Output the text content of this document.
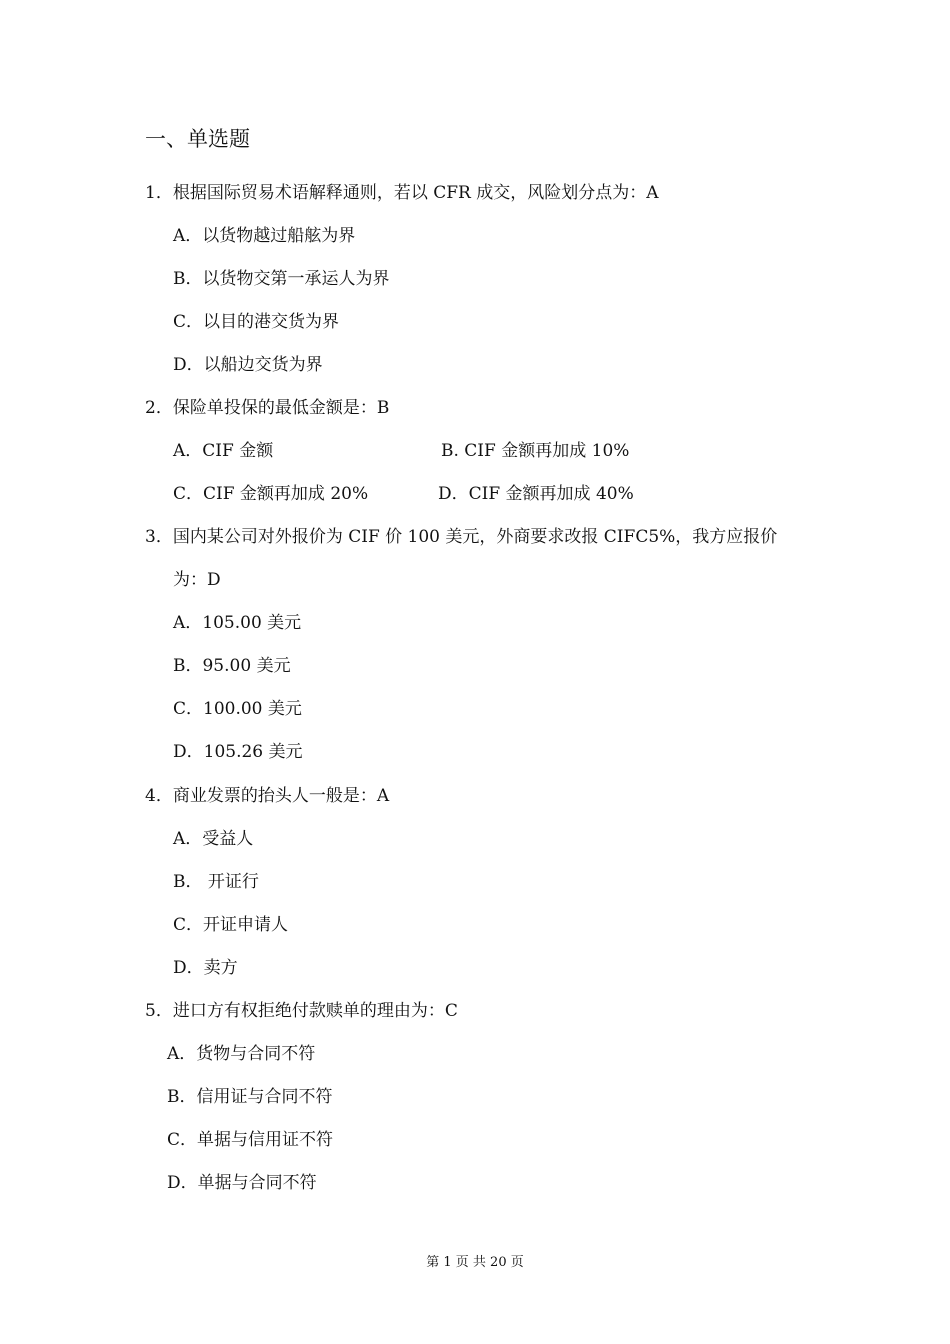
一、单选题
1．根据国际贸易术语解释通则，若以 CFR 成交，风险划分点为：A
A．以货物越过船舷为界
B．以货物交第一承运人为界
C．以目的港交货为界
D．以船边交货为界
2．保险单投保的最低金额是：B
A．CIF 金额	B. CIF 金额再加成 10%
C．CIF 金额再加成 20%	D．CIF 金额再加成 40%
3．国内某公司对外报价为 CIF 价 100 美元，外商要求改报 CIFC5%，我方应报价
为：D
A．105.00 美元
B．95.00 美元
C．100.00 美元
D．105.26 美元
4．商业发票的抬头人一般是：A
A．受益人
B． 开证行
C．开证申请人
D．卖方
5．进口方有权拒绝付款赎单的理由为：C
A．货物与合同不符
B．信用证与合同不符
C．单据与信用证不符
D．单据与合同不符
第 1 页 共 20 页
